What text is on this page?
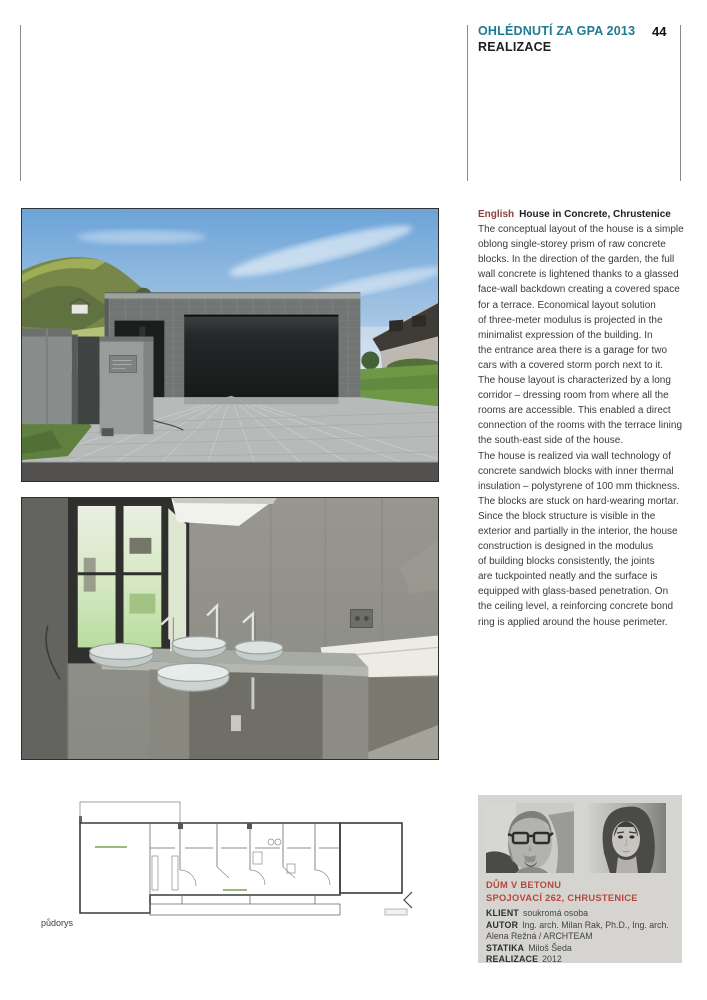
OHLÉDNUTÍ ZA GPA 2013
REALIZACE
44
English House in Concrete, Chrustenice
The conceptual layout of the house is a simple
oblong single-storey prism of raw concrete
blocks. In the direction of the garden, the full
wall concrete is lightened thanks to a glassed
face-wall backdown creating a covered space
for a terrace. Economical layout solution
of three-meter modulus is projected in the
minimalist expression of the building. In
the entrance area there is a garage for two
cars with a covered storm porch next to it.
The house layout is characterized by a long
corridor – dressing room from where all the
rooms are accessible. This enabled a direct
connection of the rooms with the terrace lining
the south-east side of the house.
The house is realized via wall technology of
concrete sandwich blocks with inner thermal
insulation – polystyrene of 100 mm thickness.
The blocks are stuck on hard-wearing mortar.
Since the block structure is visible in the
exterior and partially in the interior, the house
construction is designed in the modulus
of building blocks consistently, the joints
are tuckpointed neatly and the surface is
equipped with glass-based penetration. On
the ceiling level, a reinforcing concrete bond
ring is applied around the house perimeter.
půdorys
DŮM V BETONU
SPOJOVACÍ 262, CHRUSTENICE
KLIENT soukromá osoba
AUTOR Ing. arch. Milan Rak, Ph.D., Ing. arch. Alena Režná / ARCHTEAM
STATIKA Miloš Šeda
REALIZACE 2012
